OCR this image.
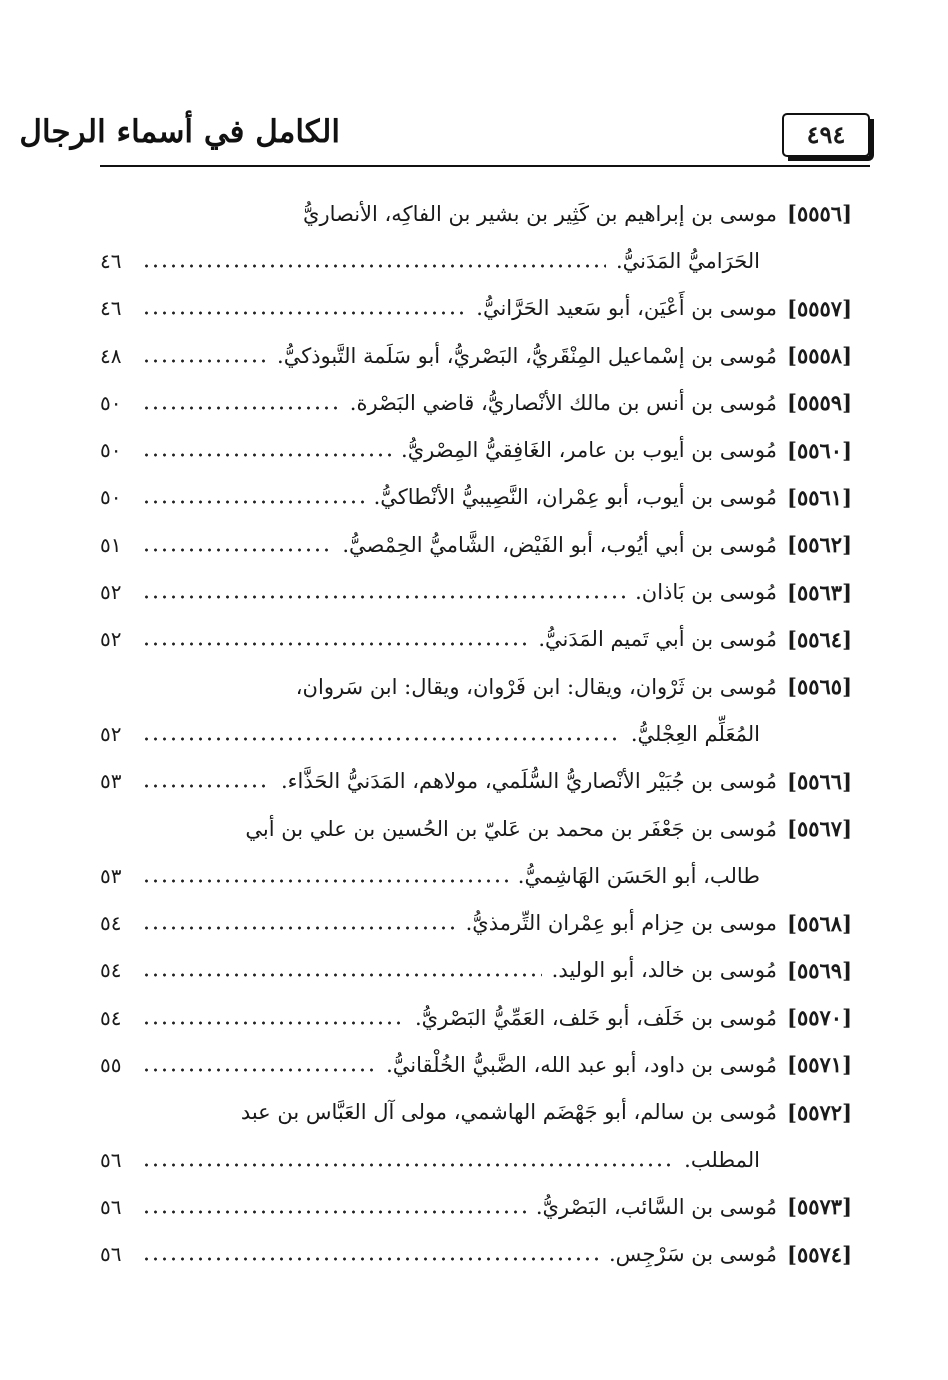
الكامل في أسماء الرجال	٤٩٤
[٥٥٥٦]
موسى بن إبراهيم بن كَثِير بن بشير بن الفاكِه، الأنصاريُّ
الحَرَاميُّ المَدَنيُّ.
٤٦
[٥٥٥٧]
موسى بن أَعْيَن، أبو سَعيد الحَرَّانيُّ.
٤٦
[٥٥٥٨]
مُوسى بن إسْماعيل المِنْقَريُّ، البَصْريُّ، أبو سَلَمة التَّبوذكيُّ.
٤٨
[٥٥٥٩]
مُوسى بن أنس بن مالك الأنْصاريُّ، قاضي البَصْرة.
٥٠
[٥٥٦٠]
مُوسى بن أيوب بن عامر، الغَافِقيُّ المِصْريُّ.
٥٠
[٥٥٦١]
مُوسى بن أيوب، أبو عِمْران، النَّصِيبيُّ الأنْطاكيُّ.
٥٠
[٥٥٦٢]
مُوسى بن أبي أيُوب، أبو الفَيْض، الشَّاميُّ الحِمْصيُّ.
٥١
[٥٥٦٣]
مُوسى بن بَاذان.
٥٢
[٥٥٦٤]
مُوسى بن أبي تَميم المَدَنيُّ.
٥٢
[٥٥٦٥]
مُوسى بن ثَرْوان، ويقال: ابن فَرْوان، ويقال: ابن سَروان،
المُعَلِّم العِجْليُّ.
٥٢
[٥٥٦٦]
مُوسى بن جُبَيْر الأنْصاريُّ السُّلَمي، مولاهم، المَدَنيُّ الحَذَّاء.
٥٣
[٥٥٦٧]
مُوسى بن جَعْفَر بن محمد بن عَليّ بن الحُسين بن علي بن أبي
طالب، أبو الحَسَن الهَاشِميُّ.
٥٣
[٥٥٦٨]
موسى بن حِزام أبو عِمْران التِّرمذيُّ.
٥٤
[٥٥٦٩]
مُوسى بن خالد، أبو الوليد.
٥٤
[٥٥٧٠]
مُوسى بن خَلَف، أبو خَلف، العَمِّيُّ البَصْريُّ.
٥٤
[٥٥٧١]
مُوسى بن داود، أبو عبد الله، الضَّبيُّ الخُلْقانيُّ.
٥٥
[٥٥٧٢]
مُوسى بن سالم، أبو جَهْضَم الهاشمي، مولى آل العَبَّاس بن عبد
المطلب.
٥٦
[٥٥٧٣]
مُوسى بن السَّائب، البَصْريُّ.
٥٦
[٥٥٧٤]
مُوسى بن سَرْجِس.
٥٦
